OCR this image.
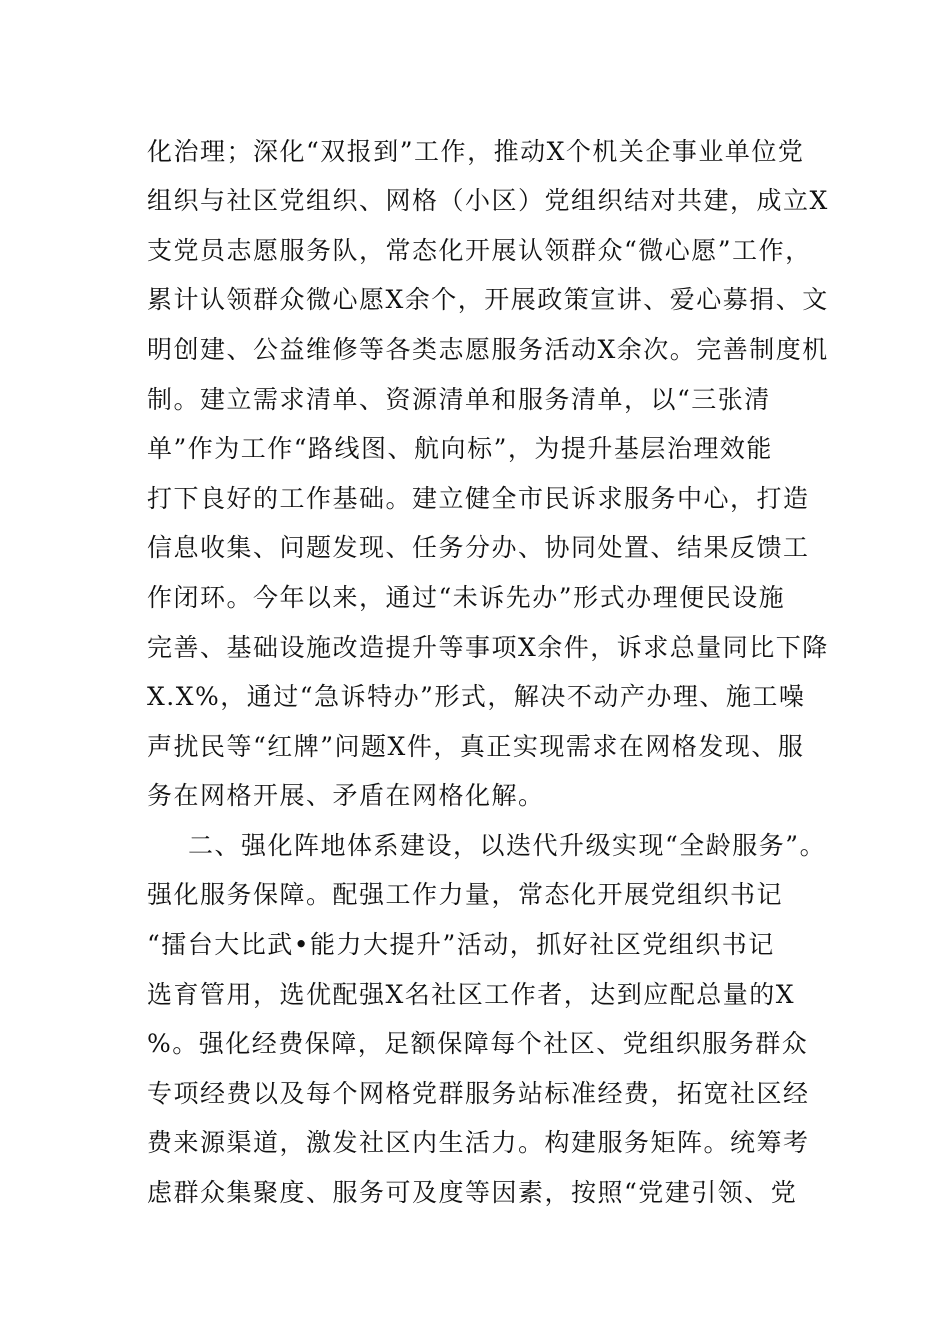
化治理；深化“双报到”工作，推动X个机关企事业单位党
组织与社区党组织、网格（小区）党组织结对共建，成立X
支党员志愿服务队，常态化开展认领群众“微心愿”工作，
累计认领群众微心愿X余个，开展政策宣讲、爱心募捐、文
明创建、公益维修等各类志愿服务活动X余次。完善制度机
制。建立需求清单、资源清单和服务清单，以“三张清
单”作为工作“路线图、航向标”，为提升基层治理效能
打下良好的工作基础。建立健全市民诉求服务中心，打造
信息收集、问题发现、任务分办、协同处置、结果反馈工
作闭环。今年以来，通过“未诉先办”形式办理便民设施
完善、基础设施改造提升等事项X余件，诉求总量同比下降
X.X%，通过“急诉特办”形式，解决不动产办理、施工噪
声扰民等“红牌”问题X件，真正实现需求在网格发现、服
务在网格开展、矛盾在网格化解。
二、强化阵地体系建设，以迭代升级实现“全龄服务”。
强化服务保障。配强工作力量，常态化开展党组织书记
“擂台大比武•能力大提升”活动，抓好社区党组织书记
选育管用，选优配强X名社区工作者，达到应配总量的X
%。强化经费保障，足额保障每个社区、党组织服务群众
专项经费以及每个网格党群服务站标准经费，拓宽社区经
费来源渠道，激发社区内生活力。构建服务矩阵。统筹考
虑群众集聚度、服务可及度等因素，按照“党建引领、党
